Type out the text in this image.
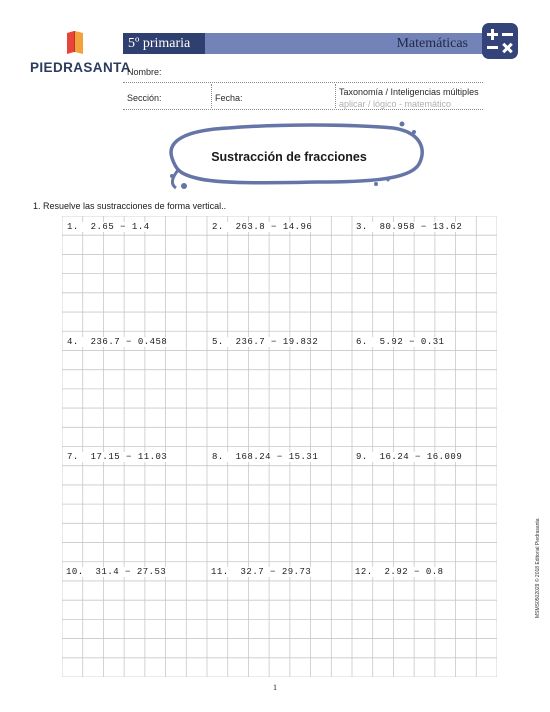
PIEDRASANTA
5º primaria	Matemáticas
Nombre:
Sección:	Fecha:
Taxonomía / Inteligencias múltiples
aplicar / lógico - matemático
Sustracción de fracciones
1. Resuelve las sustracciones de forma vertical..
1. 2.65 − 1.4	2. 263.8 − 14.96	3. 80.958 − 13.62
4. 236.7 − 0.458	5. 236.7 − 19.832	6. 5.92 − 0.31
7. 17.15 − 11.03	8. 168.24 − 15.31	9. 16.24 − 16.009
10. 31.4 − 27.53	11. 32.7 − 29.73	12. 2.92 − 0.8
1
MSMS0502029 © 2018 Editorial Piedrasanta
